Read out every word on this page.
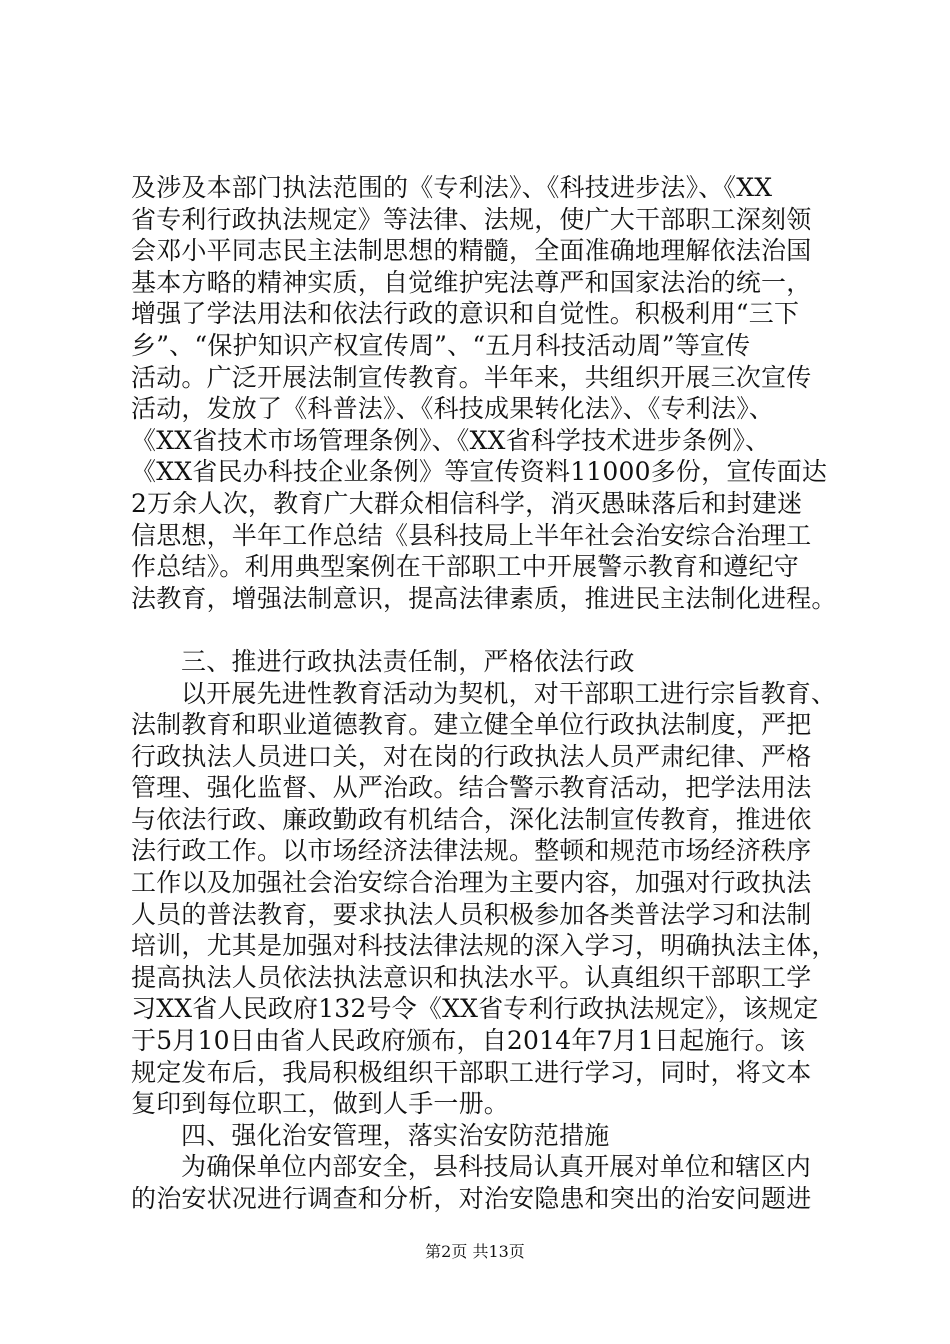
及涉及本部门执法范围的《专利法》、《科技进步法》、《XX
省专利行政执法规定》等法律、法规，使广大干部职工深刻领
会邓小平同志民主法制思想的精髓，全面准确地理解依法治国
基本方略的精神实质，自觉维护宪法尊严和国家法治的统一，
增强了学法用法和依法行政的意识和自觉性。积极利用“三下
乡”、“保护知识产权宣传周”、“五月科技活动周”等宣传
活动。广泛开展法制宣传教育。半年来，共组织开展三次宣传
活动，发放了《科普法》、《科技成果转化法》、《专利法》、
《XX省技术市场管理条例》、《XX省科学技术进步条例》、
《XX省民办科技企业条例》等宣传资料11000多份，宣传面达
2万余人次，教育广大群众相信科学，消灭愚昧落后和封建迷
信思想，半年工作总结《县科技局上半年社会治安综合治理工
作总结》。利用典型案例在干部职工中开展警示教育和遵纪守
法教育，增强法制意识，提高法律素质，推进民主法制化进程。
三、推进行政执法责任制，严格依法行政
以开展先进性教育活动为契机，对干部职工进行宗旨教育、
法制教育和职业道德教育。建立健全单位行政执法制度，严把
行政执法人员进口关，对在岗的行政执法人员严肃纪律、严格
管理、强化监督、从严治政。结合警示教育活动，把学法用法
与依法行政、廉政勤政有机结合，深化法制宣传教育，推进依
法行政工作。以市场经济法律法规。整顿和规范市场经济秩序
工作以及加强社会治安综合治理为主要内容，加强对行政执法
人员的普法教育，要求执法人员积极参加各类普法学习和法制
培训，尤其是加强对科技法律法规的深入学习，明确执法主体，
提高执法人员依法执法意识和执法水平。认真组织干部职工学
习XX省人民政府132号令《XX省专利行政执法规定》，该规定
于5月10日由省人民政府颁布，自2014年7月1日起施行。该
规定发布后，我局积极组织干部职工进行学习，同时，将文本
复印到每位职工，做到人手一册。
四、强化治安管理，落实治安防范措施
为确保单位内部安全，县科技局认真开展对单位和辖区内
的治安状况进行调查和分析，对治安隐患和突出的治安问题进
第2页 共13页
